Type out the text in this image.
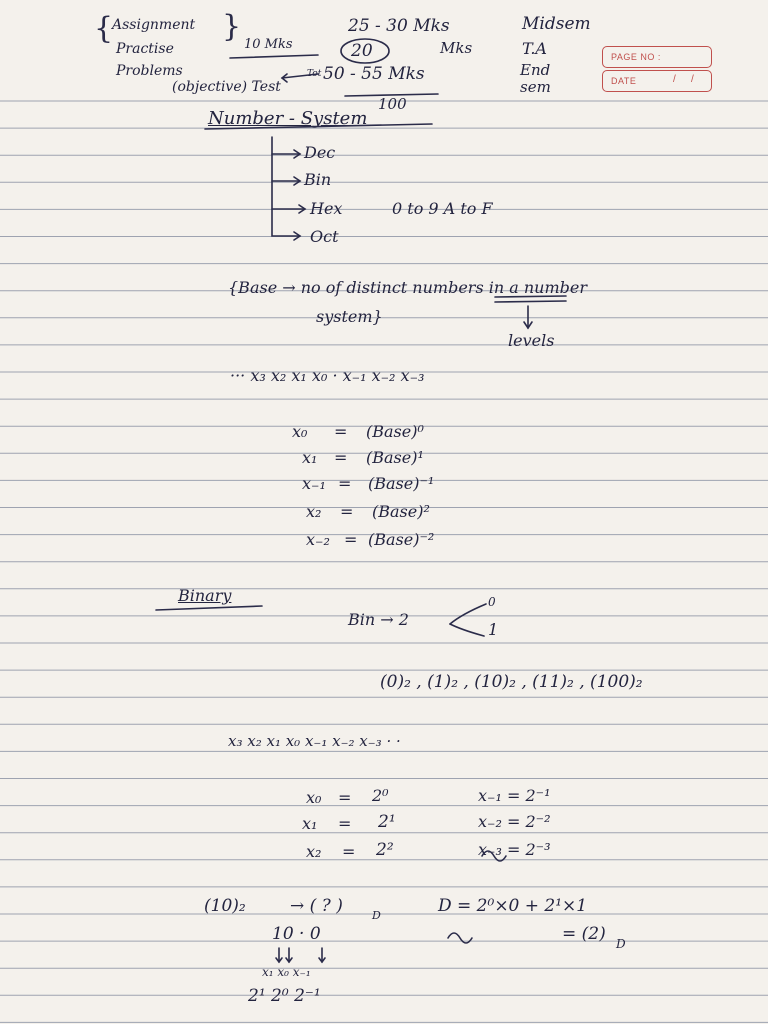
PAGE NO :
DATE	/ /
{
Assignment
Practise
Problems
}
10 Mks
(objective) Test
Tot
25 - 30 Mks	Midsem
20	Mks	T.A
50 - 55 Mks	End sem
100
Number - System
Dec
Bin
Hex	0 to 9 A to F
Oct
{Base → no of distinct numbers in a number
system}
levels
··· x₃ x₂ x₁ x₀ · x₋₁ x₋₂ x₋₃
x₀ = (Base)⁰
x₁ = (Base)¹
x₋₁ = (Base)⁻¹
x₂ = (Base)²
x₋₂ = (Base)⁻²
Binary
Bin → 2
0
1
(0)₂ , (1)₂ , (10)₂ , (11)₂ , (100)₂
x₃ x₂ x₁ x₀ x₋₁ x₋₂ x₋₃ · ·
x₀ = 2⁰
x₁ = 2¹
x₂ = 2²
x₋₁ = 2⁻¹
x₋₂ = 2⁻²
x₋₃ = 2⁻³
(10)₂	→ ( ? )	D	D = 2⁰×0 + 2¹×1
= (2) D
10 · 0
x₁ x₀ x₋₁
2¹ 2⁰ 2⁻¹
